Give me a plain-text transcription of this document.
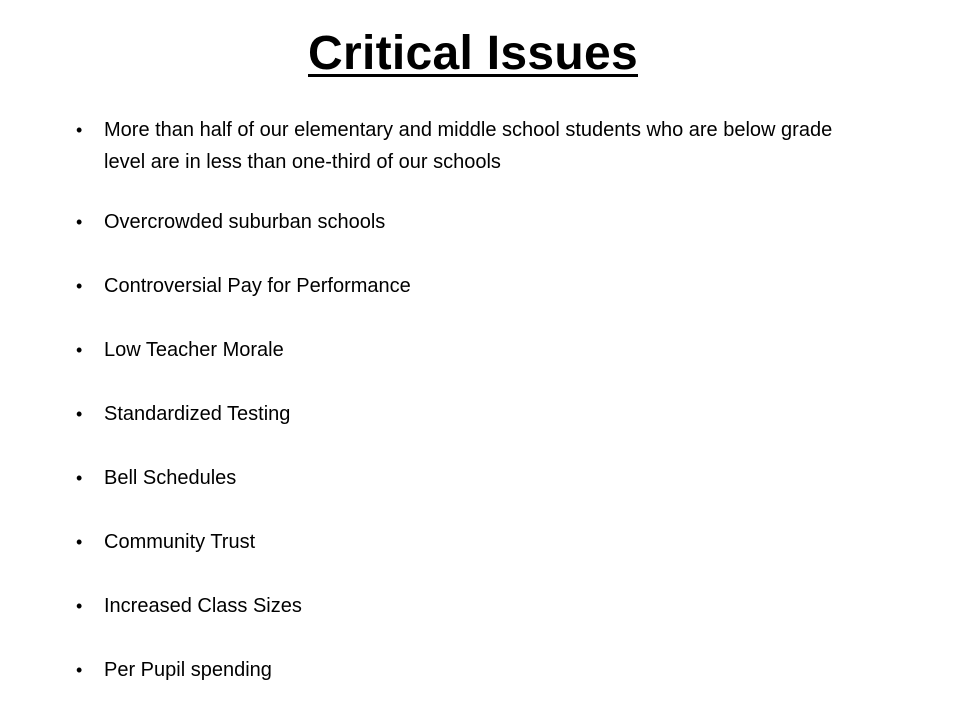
Critical Issues
• More than half of our elementary and middle school students who are below grade level are in less than one-third of our schools
• Overcrowded suburban schools
• Controversial Pay for Performance
• Low Teacher Morale
• Standardized Testing
• Bell Schedules
• Community Trust
• Increased Class Sizes
• Per Pupil spending
